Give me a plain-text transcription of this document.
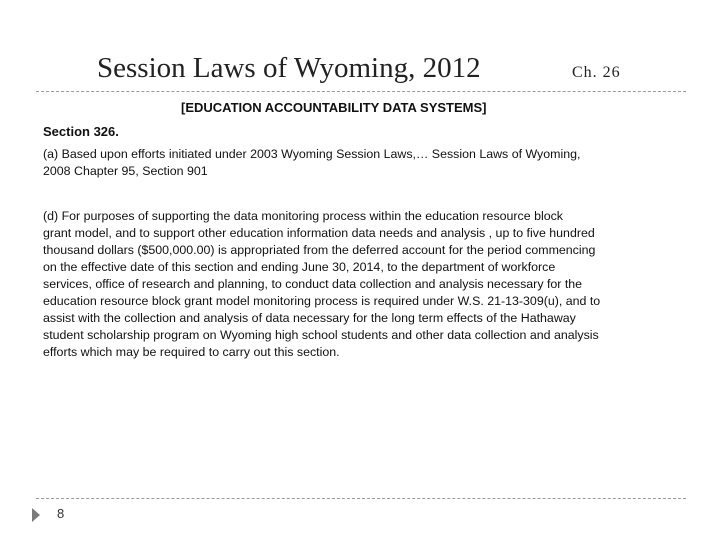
Session Laws of Wyoming, 2012	Ch. 26
[EDUCATION ACCOUNTABILITY DATA SYSTEMS]
Section 326.
(a) Based upon efforts initiated under 2003 Wyoming Session Laws,… Session Laws of Wyoming,
2008 Chapter 95, Section 901
(d) For purposes of supporting the data monitoring process within the education resource block
grant model, and to support other education information data needs and analysis , up to five hundred
thousand dollars ($500,000.00) is appropriated from the deferred account for the period commencing
on the effective date of this section and ending June 30, 2014, to the department of workforce
services, office of research and planning, to conduct data collection and analysis necessary for the
education resource block grant model monitoring process is required under W.S. 21-13-309(u), and to
assist with the collection and analysis of data necessary for the long term effects of the Hathaway
student scholarship program on Wyoming high school students and other data collection and analysis
efforts which may be required to carry out this section.
8
